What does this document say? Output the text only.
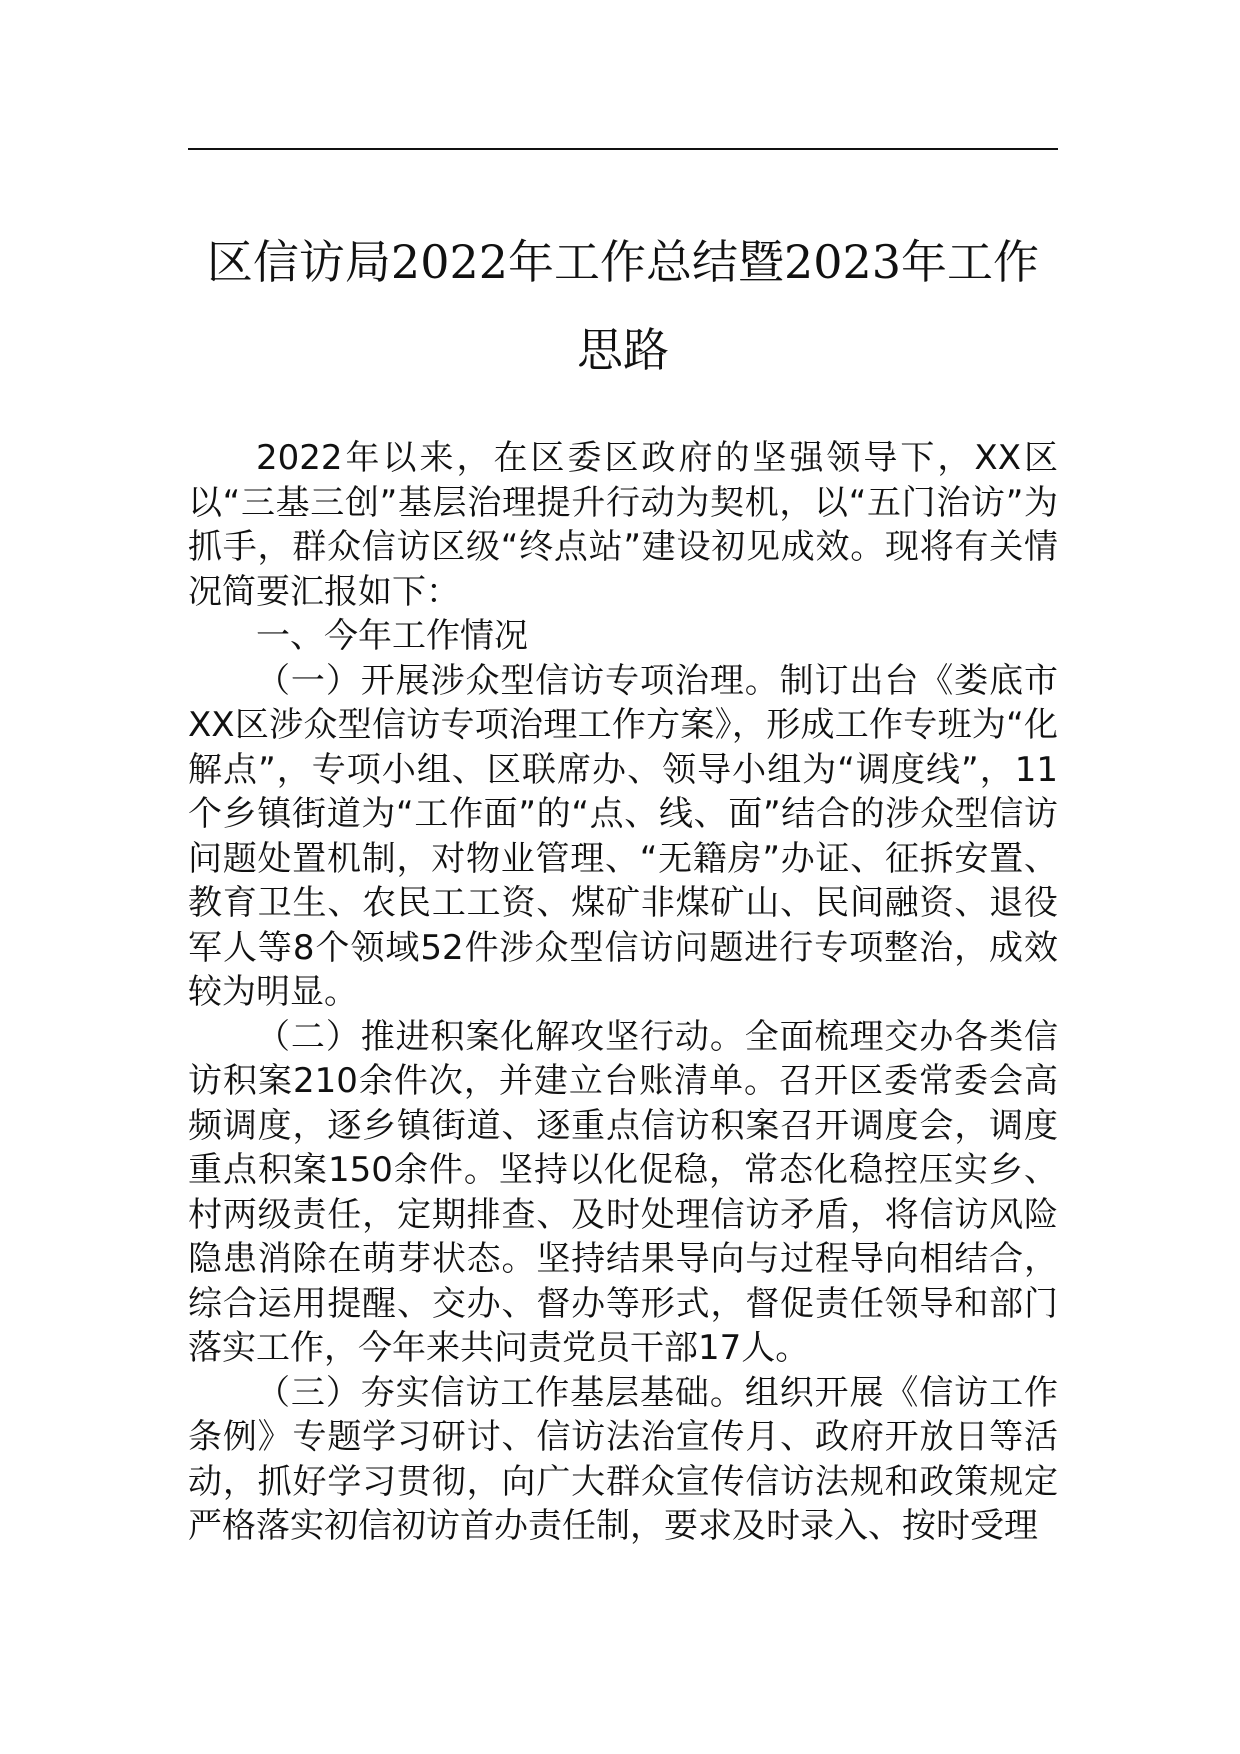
区信访局2022年工作总结暨2023年工作思路

2022年以来，在区委区政府的坚强领导下，XX区以“三基三创”基层治理提升行动为契机，以“五门治访”为抓手，群众信访区级“终点站”建设初见成效。现将有关情况简要汇报如下：

一、今年工作情况

（一）开展涉众型信访专项治理。制订出台《娄底市XX区涉众型信访专项治理工作方案》，形成工作专班为“化解点”，专项小组、区联席办、领导小组为“调度线”，11个乡镇街道为“工作面”的“点、线、面”结合的涉众型信访问题处置机制，对物业管理、“无籍房”办证、征拆安置、教育卫生、农民工工资、煤矿非煤矿山、民间融资、退役军人等8个领域52件涉众型信访问题进行专项整治，成效较为明显。

（二）推进积案化解攻坚行动。全面梳理交办各类信访积案210余件次，并建立台账清单。召开区委常委会高频调度，逐乡镇街道、逐重点信访积案召开调度会，调度重点积案150余件。坚持以化促稳，常态化稳控压实乡、村两级责任，定期排查、及时处理信访矛盾，将信访风险隐患消除在萌芽状态。坚持结果导向与过程导向相结合，综合运用提醒、交办、督办等形式，督促责任领导和部门落实工作，今年来共问责党员干部17人。

（三）夯实信访工作基层基础。组织开展《信访工作条例》专题学习研讨、信访法治宣传月、政府开放日等活动，抓好学习贯彻，向广大群众宣传信访法规和政策规定严格落实初信初访首办责任制，要求及时录入、按时受理
